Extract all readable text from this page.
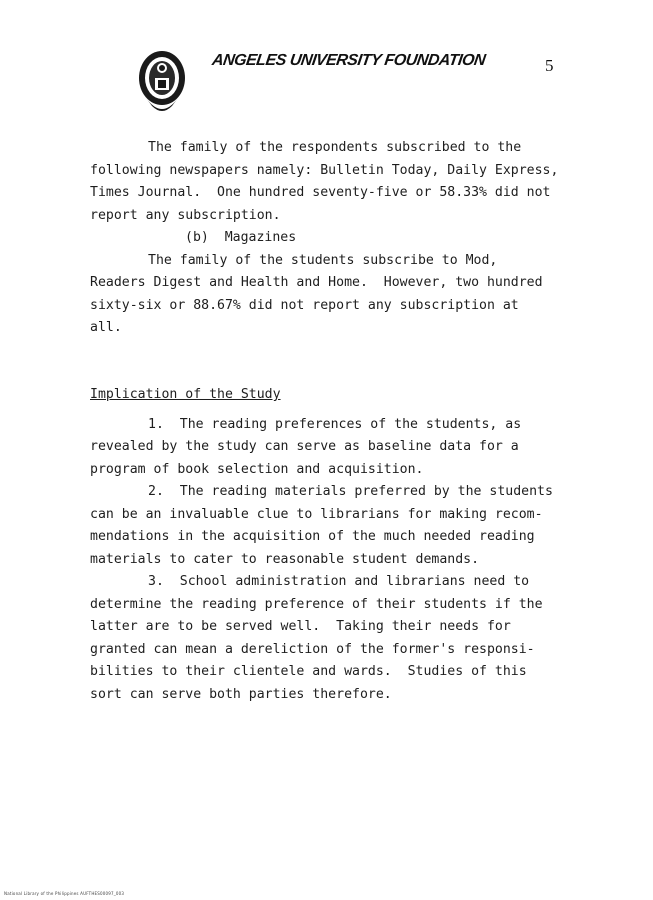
ANGELES UNIVERSITY FOUNDATION	5

The family of the respondents subscribed to the

following newspapers namely: Bulletin Today, Daily Express,

Times Journal.  One hundred seventy-five or 58.33% did not

report any subscription.

(b)  Magazines

The family of the students subscribe to Mod,

Readers Digest and Health and Home.  However, two hundred

sixty-six or 88.67% did not report any subscription at

all.

Implication of the Study

1.  The reading preferences of the students, as

revealed by the study can serve as baseline data for a

program of book selection and acquisition.

2.  The reading materials preferred by the students

can be an invaluable clue to librarians for making recom-

mendations in the acquisition of the much needed reading

materials to cater to reasonable student demands.

3.  School administration and librarians need to

determine the reading preference of their students if the

latter are to be served well.  Taking their needs for

granted can mean a dereliction of the former's responsi-

bilities to their clientele and wards.  Studies of this

sort can serve both parties therefore.

National Library of the Philippines AUFTHES00097_003
